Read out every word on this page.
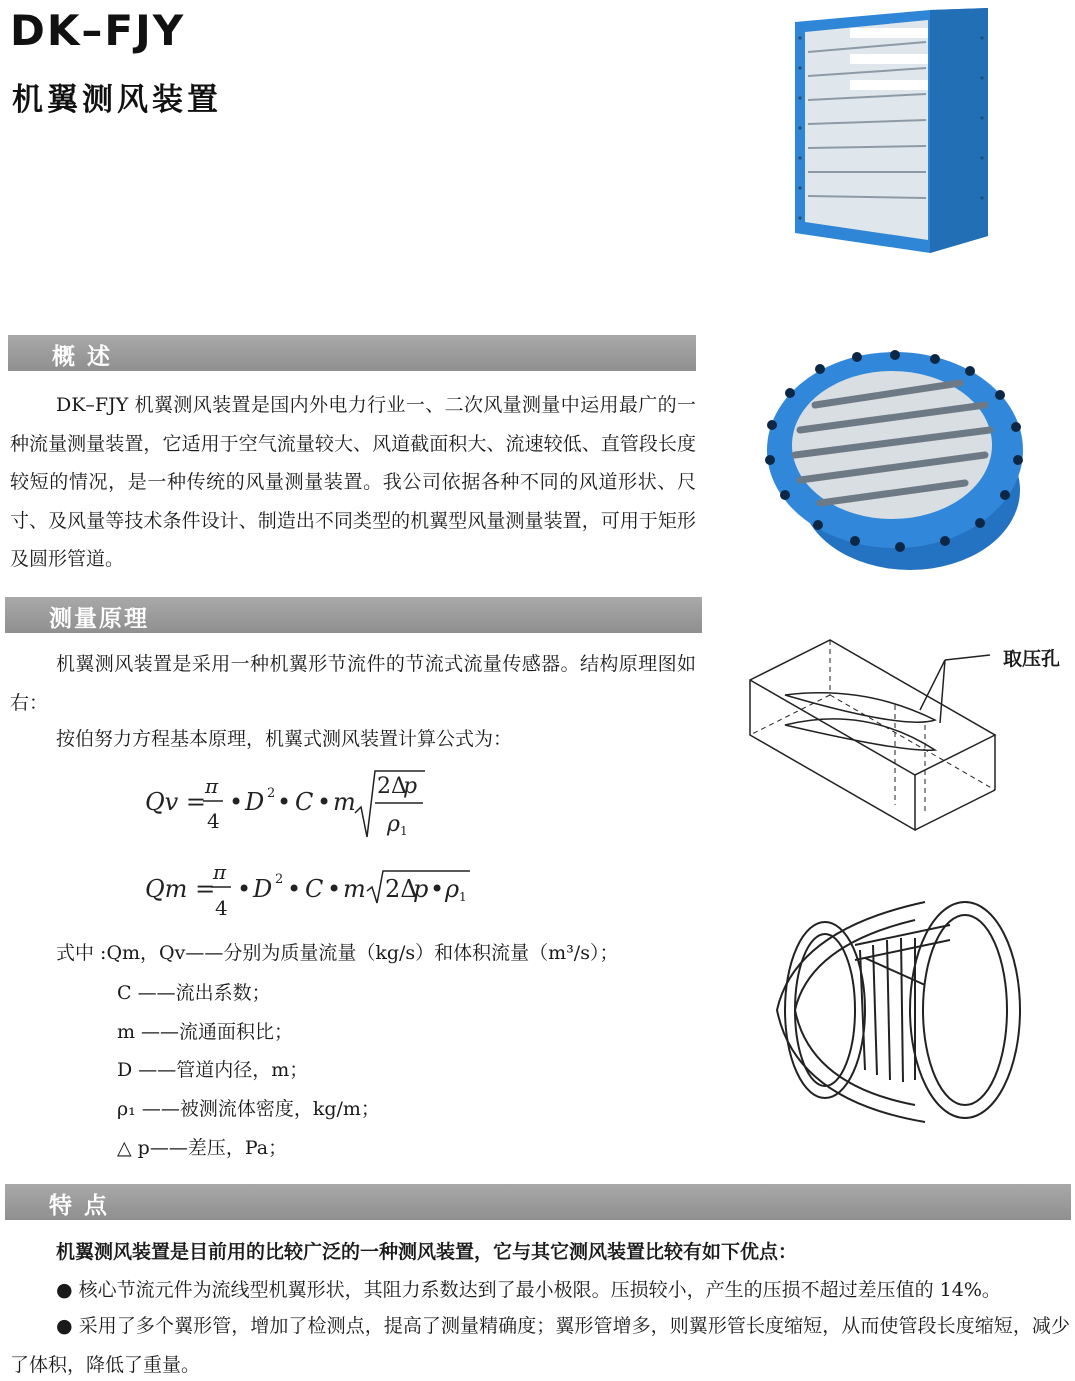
DK–FJY
机翼测风装置
概 述
DK–FJY 机翼测风装置是国内外电力行业一、二次风量测量中运用最广的一种流量测量装置，它适用于空气流量较大、风道截面积大、流速较低、直管段长度较短的情况，是一种传统的风量测量装置。我公司依据各种不同的风道形状、尺寸、及风量等技术条件设计、制造出不同类型的机翼型风量测量装置，可用于矩形及圆形管道。
测量原理
机翼测风装置是采用一种机翼形节流件的节流式流量传感器。结构原理图如右：
按伯努力方程基本原理，机翼式测风装置计算公式为：
Qv =
π
4
• D 2 • C • m
2Δ
p
ρ 1
Qm =
π
4
• D 2 • C • m 2Δ
p • ρ 1
式中 :Qm，Qv——分别为质量流量（kg/s）和体积流量（m³/s）；
C ——流出系数；
m ——流通面积比；
D ——管道内径，m；
ρ₁ ——被测流体密度，kg/m；
△ p——差压，Pa；
取压孔
特 点
机翼测风装置是目前用的比较广泛的一种测风装置，它与其它测风装置比较有如下优点：
● 核心节流元件为流线型机翼形状，其阻力系数达到了最小极限。压损较小，产生的压损不超过差压值的 14%。
● 采用了多个翼形管，增加了检测点，提高了测量精确度；翼形管增多，则翼形管长度缩短，从而使管段长度缩短，减少了体积，降低了重量。
